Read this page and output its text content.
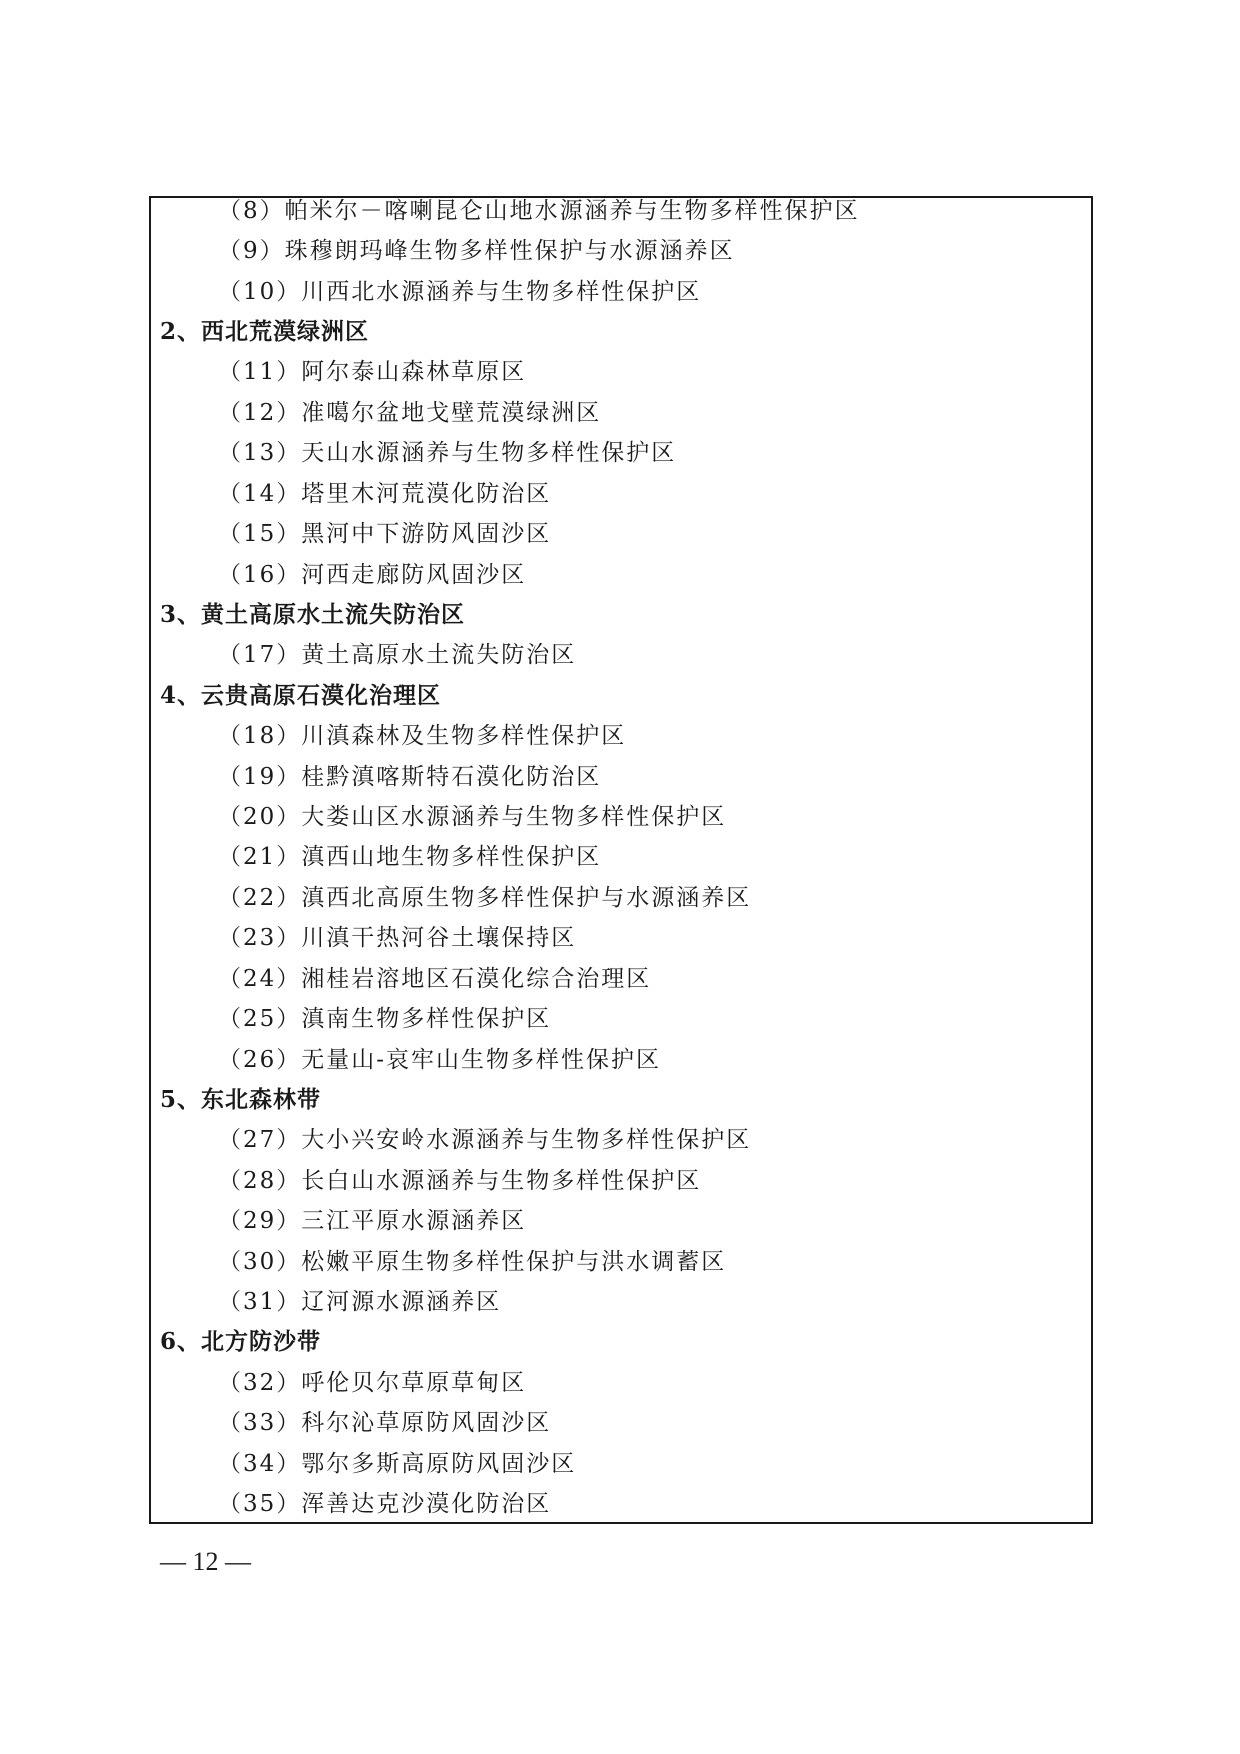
（8）帕米尔－喀喇昆仑山地水源涵养与生物多样性保护区
（9）珠穆朗玛峰生物多样性保护与水源涵养区
（10）川西北水源涵养与生物多样性保护区
2、西北荒漠绿洲区
（11）阿尔泰山森林草原区
（12）准噶尔盆地戈壁荒漠绿洲区
（13）天山水源涵养与生物多样性保护区
（14）塔里木河荒漠化防治区
（15）黑河中下游防风固沙区
（16）河西走廊防风固沙区
3、黄土高原水土流失防治区
（17）黄土高原水土流失防治区
4、云贵高原石漠化治理区
（18）川滇森林及生物多样性保护区
（19）桂黔滇喀斯特石漠化防治区
（20）大娄山区水源涵养与生物多样性保护区
（21）滇西山地生物多样性保护区
（22）滇西北高原生物多样性保护与水源涵养区
（23）川滇干热河谷土壤保持区
（24）湘桂岩溶地区石漠化综合治理区
（25）滇南生物多样性保护区
（26）无量山-哀牢山生物多样性保护区
5、东北森林带
（27）大小兴安岭水源涵养与生物多样性保护区
（28）长白山水源涵养与生物多样性保护区
（29）三江平原水源涵养区
（30）松嫩平原生物多样性保护与洪水调蓄区
（31）辽河源水源涵养区
6、北方防沙带
（32）呼伦贝尔草原草甸区
（33）科尔沁草原防风固沙区
（34）鄂尔多斯高原防风固沙区
（35）浑善达克沙漠化防治区
— 12 —
